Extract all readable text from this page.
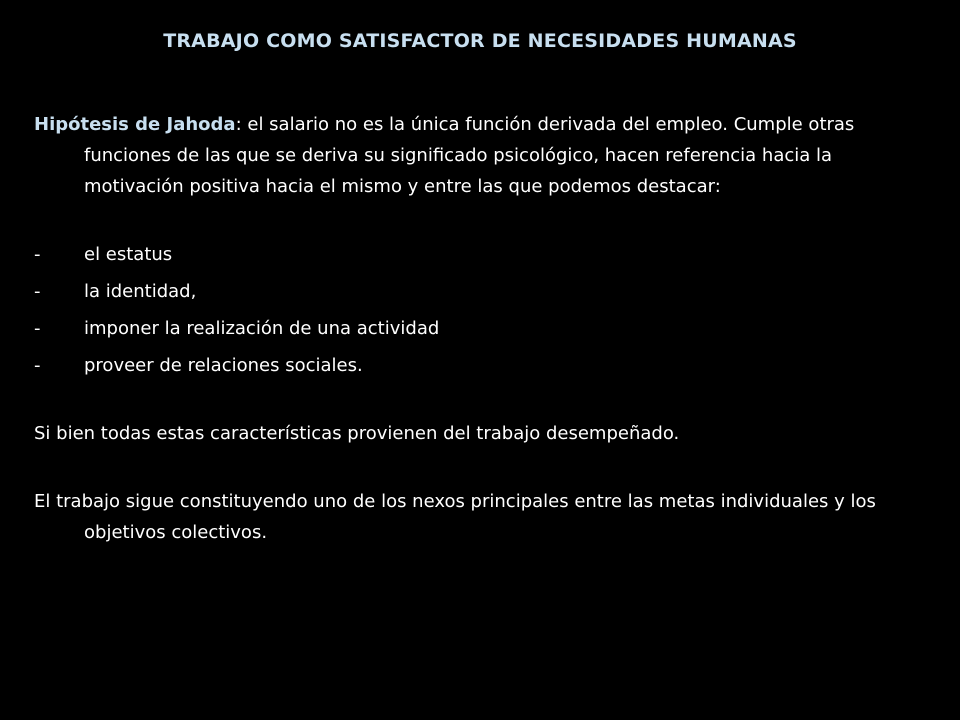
TRABAJO COMO SATISFACTOR DE NECESIDADES HUMANAS

Hipótesis de Jahoda: el salario no es la única función derivada del empleo. Cumple otras funciones de las que se deriva su significado psicológico, hacen referencia hacia la motivación positiva hacia el mismo y entre las que podemos destacar:

-	el estatus
-	la identidad,
-	imponer la realización de una actividad
-	proveer de relaciones sociales.

Si bien todas estas características provienen del trabajo desempeñado.

El trabajo sigue constituyendo uno de los nexos principales entre las metas individuales y los objetivos colectivos.
